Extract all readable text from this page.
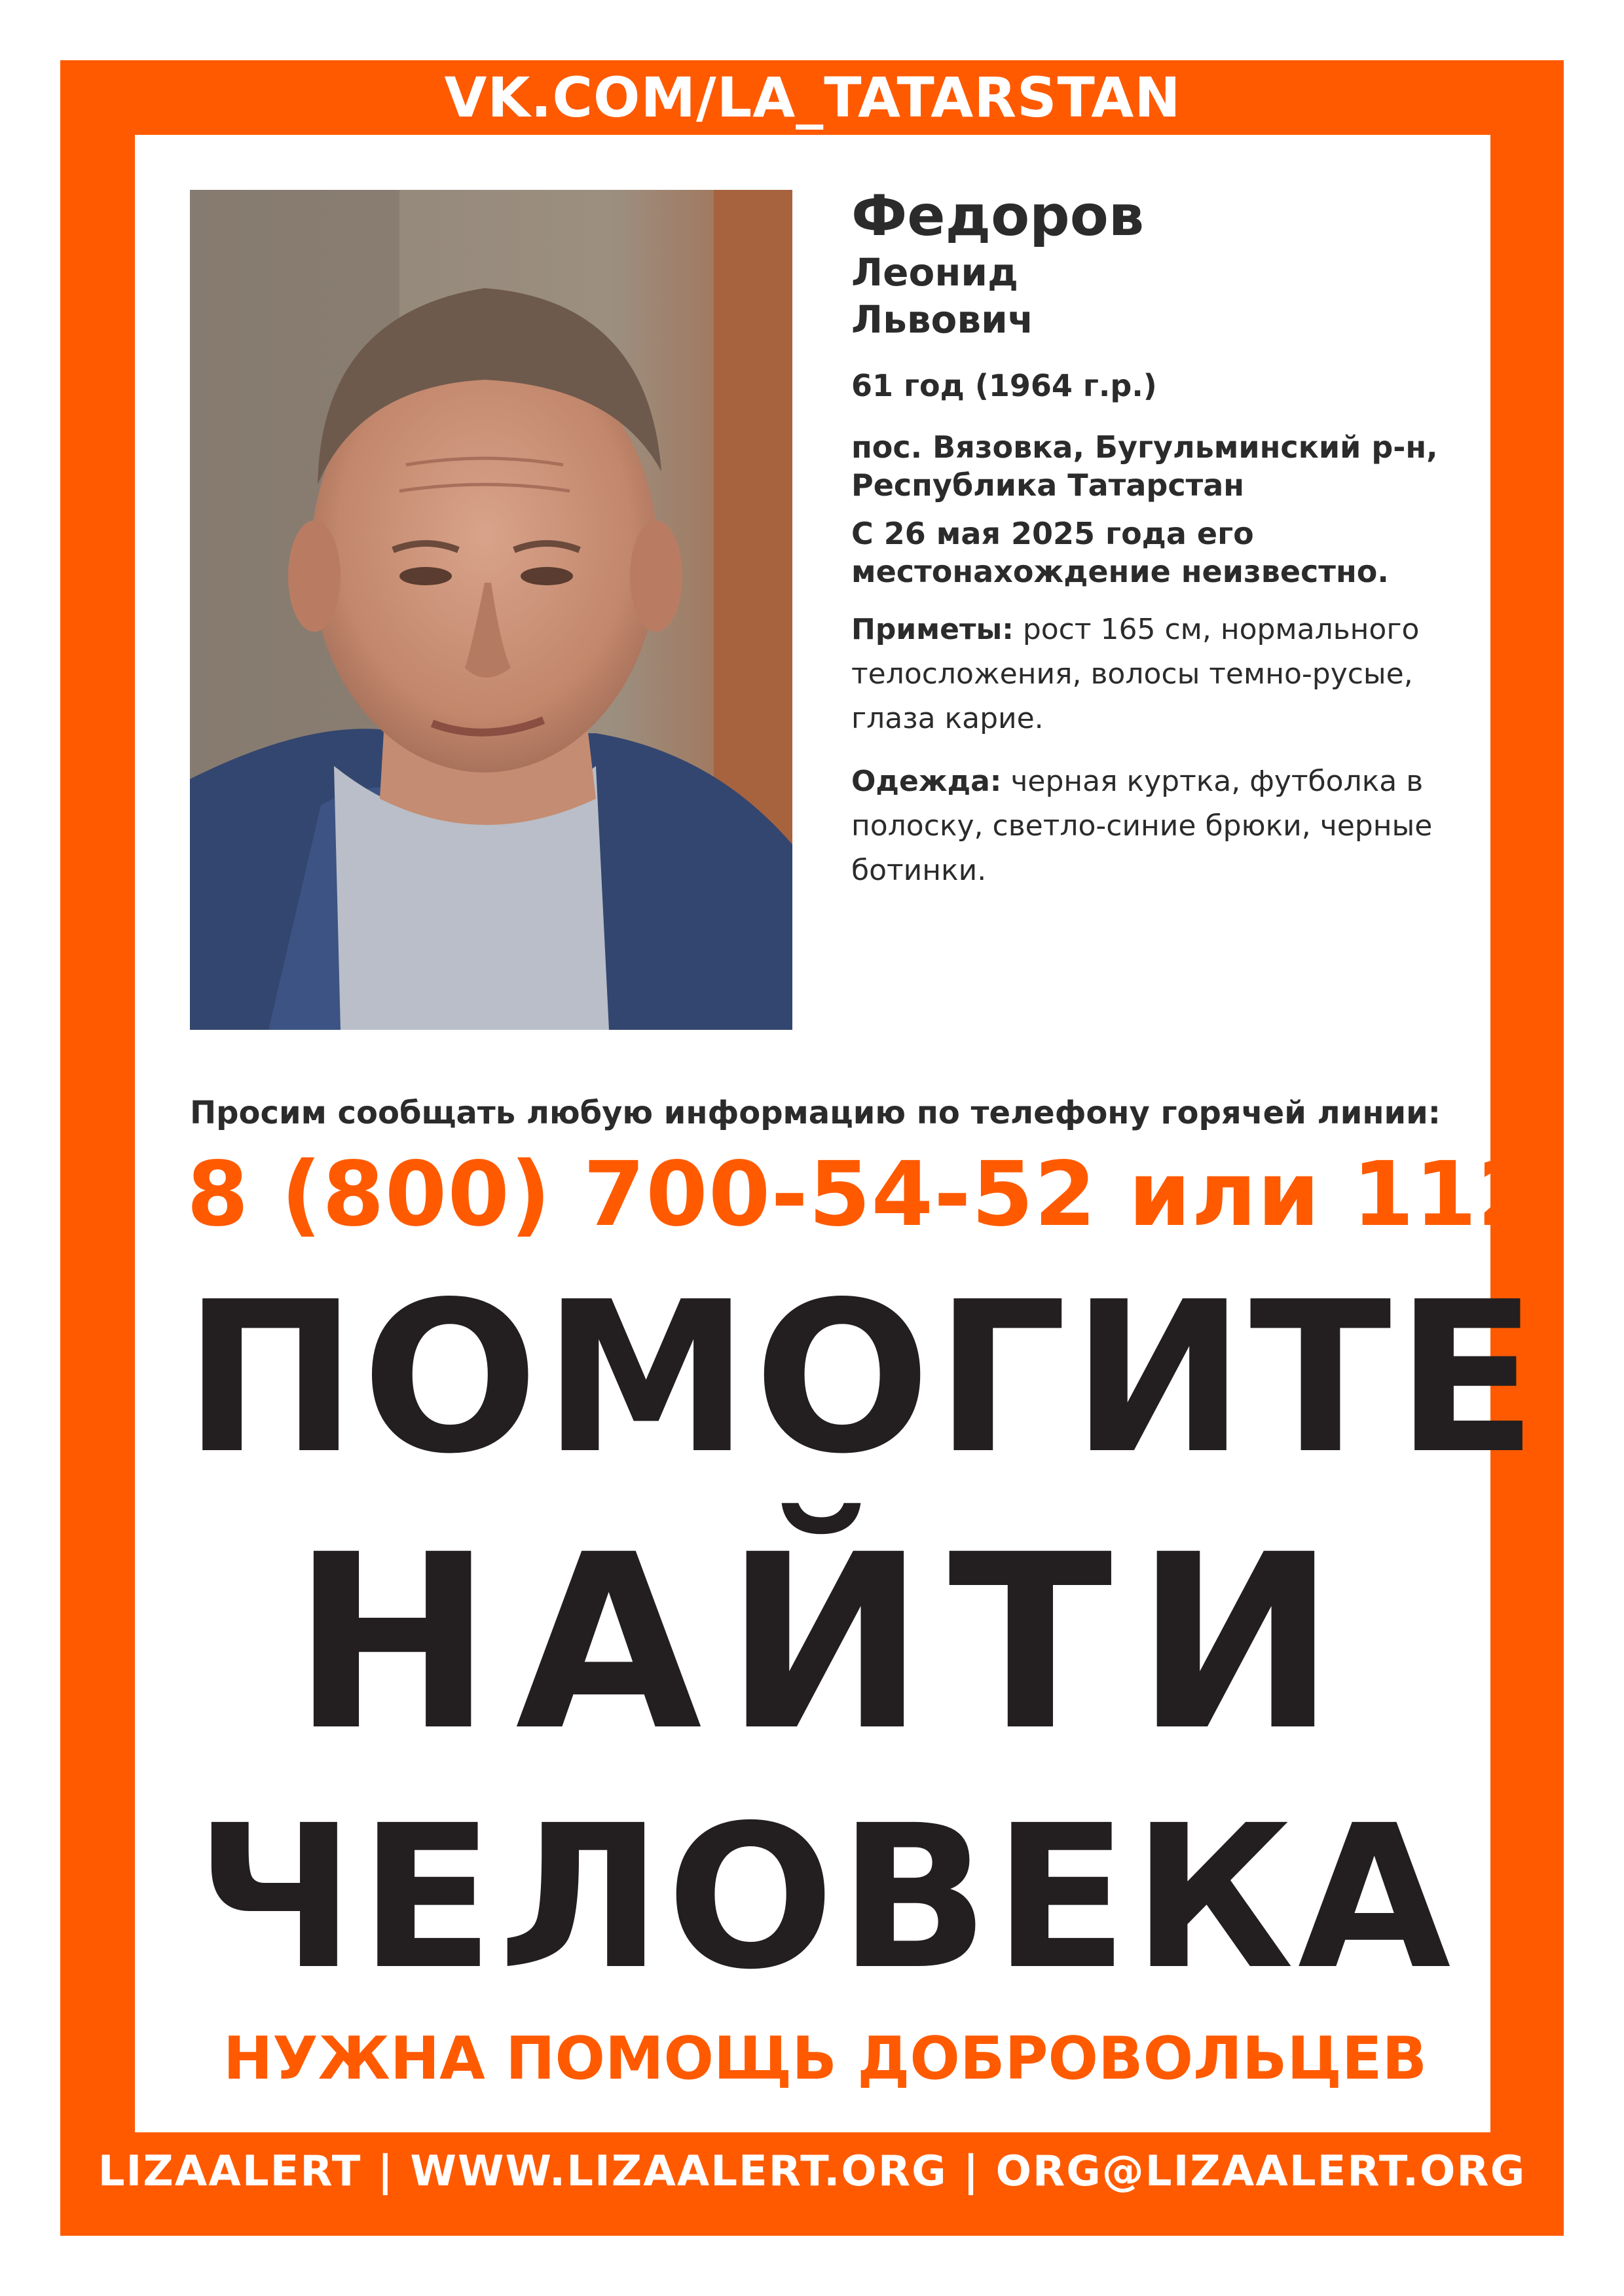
VK.COM/LA_TATARSTAN
Федоров
Леонид
Львович
61 год (1964 г.р.)
пос. Вязовка, Бугульминский р-н, Республика Татарстан
С 26 мая 2025 года его местонахождение неизвестно.
Приметы: рост 165 см, нормального телосложения, волосы темно-русые, глаза карие.
Одежда: черная куртка, футболка в полоску, светло-синие брюки, черные ботинки.
Просим сообщать любую информацию по телефону горячей линии:
8 (800) 700-54-52 или 112
ПОМОГИТЕ
НАЙТИ
ЧЕЛОВЕКА
НУЖНА ПОМОЩЬ ДОБРОВОЛЬЦЕВ
LIZAALERT | WWW.LIZAALERT.ORG | ORG@LIZAALERT.ORG
